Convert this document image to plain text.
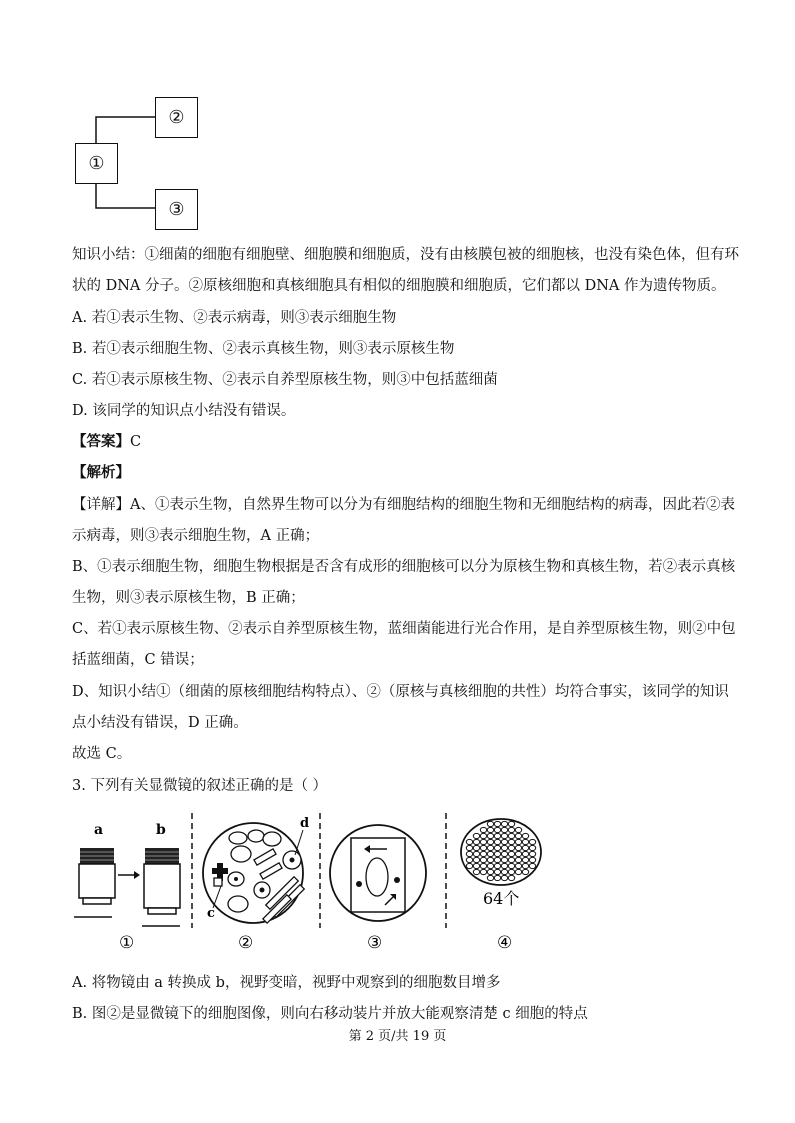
①
②
③
知识小结：①细菌的细胞有细胞壁、细胞膜和细胞质，没有由核膜包被的细胞核，也没有染色体，但有环
状的 DNA 分子。②原核细胞和真核细胞具有相似的细胞膜和细胞质，它们都以 DNA 作为遗传物质。
A. 若①表示生物、②表示病毒，则③表示细胞生物
B. 若①表示细胞生物、②表示真核生物，则③表示原核生物
C. 若①表示原核生物、②表示自养型原核生物，则③中包括蓝细菌
D. 该同学的知识点小结没有错误。
【答案】C
【解析】
【详解】A、①表示生物，自然界生物可以分为有细胞结构的细胞生物和无细胞结构的病毒，因此若②表
示病毒，则③表示细胞生物，A 正确；
B、①表示细胞生物，细胞生物根据是否含有成形的细胞核可以分为原核生物和真核生物，若②表示真核
生物，则③表示原核生物，B 正确；
C、若①表示原核生物、②表示自养型原核生物，蓝细菌能进行光合作用，是自养型原核生物，则②中包
括蓝细菌，C 错误；
D、知识小结①（细菌的原核细胞结构特点）、②（原核与真核细胞的共性）均符合事实，该同学的知识
点小结没有错误，D 正确。
故选 C。
3. 下列有关显微镜的叙述正确的是（ ）
a	b
c
d
64个
①	②	③	④
A. 将物镜由 a 转换成 b，视野变暗，视野中观察到的细胞数目增多
B. 图②是显微镜下的细胞图像，则向右移动装片并放大能观察清楚 c 细胞的特点
第 2 页/共 19 页
